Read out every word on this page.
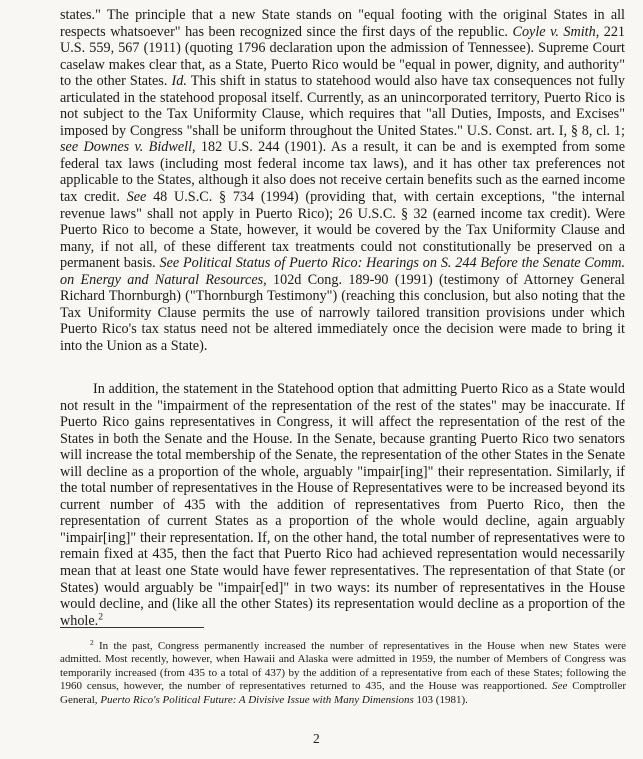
states." The principle that a new State stands on "equal footing with the original States in all respects whatsoever" has been recognized since the first days of the republic. Coyle v. Smith, 221 U.S. 559, 567 (1911) (quoting 1796 declaration upon the admission of Tennessee). Supreme Court caselaw makes clear that, as a State, Puerto Rico would be "equal in power, dignity, and authority" to the other States. Id. This shift in status to statehood would also have tax consequences not fully articulated in the statehood proposal itself. Currently, as an unincorporated territory, Puerto Rico is not subject to the Tax Uniformity Clause, which requires that "all Duties, Imposts, and Excises" imposed by Congress "shall be uniform throughout the United States." U.S. Const. art. I, § 8, cl. 1; see Downes v. Bidwell, 182 U.S. 244 (1901). As a result, it can be and is exempted from some federal tax laws (including most federal income tax laws), and it has other tax preferences not applicable to the States, although it also does not receive certain benefits such as the earned income tax credit. See 48 U.S.C. § 734 (1994) (providing that, with certain exceptions, "the internal revenue laws" shall not apply in Puerto Rico); 26 U.S.C. § 32 (earned income tax credit). Were Puerto Rico to become a State, however, it would be covered by the Tax Uniformity Clause and many, if not all, of these different tax treatments could not constitutionally be preserved on a permanent basis. See Political Status of Puerto Rico: Hearings on S. 244 Before the Senate Comm. on Energy and Natural Resources, 102d Cong. 189-90 (1991) (testimony of Attorney General Richard Thornburgh) ("Thornburgh Testimony") (reaching this conclusion, but also noting that the Tax Uniformity Clause permits the use of narrowly tailored transition provisions under which Puerto Rico's tax status need not be altered immediately once the decision were made to bring it into the Union as a State).

In addition, the statement in the Statehood option that admitting Puerto Rico as a State would not result in the "impairment of the representation of the rest of the states" may be inaccurate. If Puerto Rico gains representatives in Congress, it will affect the representation of the rest of the States in both the Senate and the House. In the Senate, because granting Puerto Rico two senators will increase the total membership of the Senate, the representation of the other States in the Senate will decline as a proportion of the whole, arguably "impair[ing]" their representation. Similarly, if the total number of representatives in the House of Representatives were to be increased beyond its current number of 435 with the addition of representatives from Puerto Rico, then the representation of current States as a proportion of the whole would decline, again arguably "impair[ing]" their representation. If, on the other hand, the total number of representatives were to remain fixed at 435, then the fact that Puerto Rico had achieved representation would necessarily mean that at least one State would have fewer representatives. The representation of that State (or States) would arguably be "impair[ed]" in two ways: its number of representatives in the House would decline, and (like all the other States) its representation would decline as a proportion of the whole.$^2$

$^2$ In the past, Congress permanently increased the number of representatives in the House when new States were admitted. Most recently, however, when Hawaii and Alaska were admitted in 1959, the number of Members of Congress was temporarily increased (from 435 to a total of 437) by the addition of a representative from each of these States; following the 1960 census, however, the number of representatives returned to 435, and the House was reapportioned. See Comptroller General, Puerto Rico's Political Future: A Divisive Issue with Many Dimensions 103 (1981).

2
